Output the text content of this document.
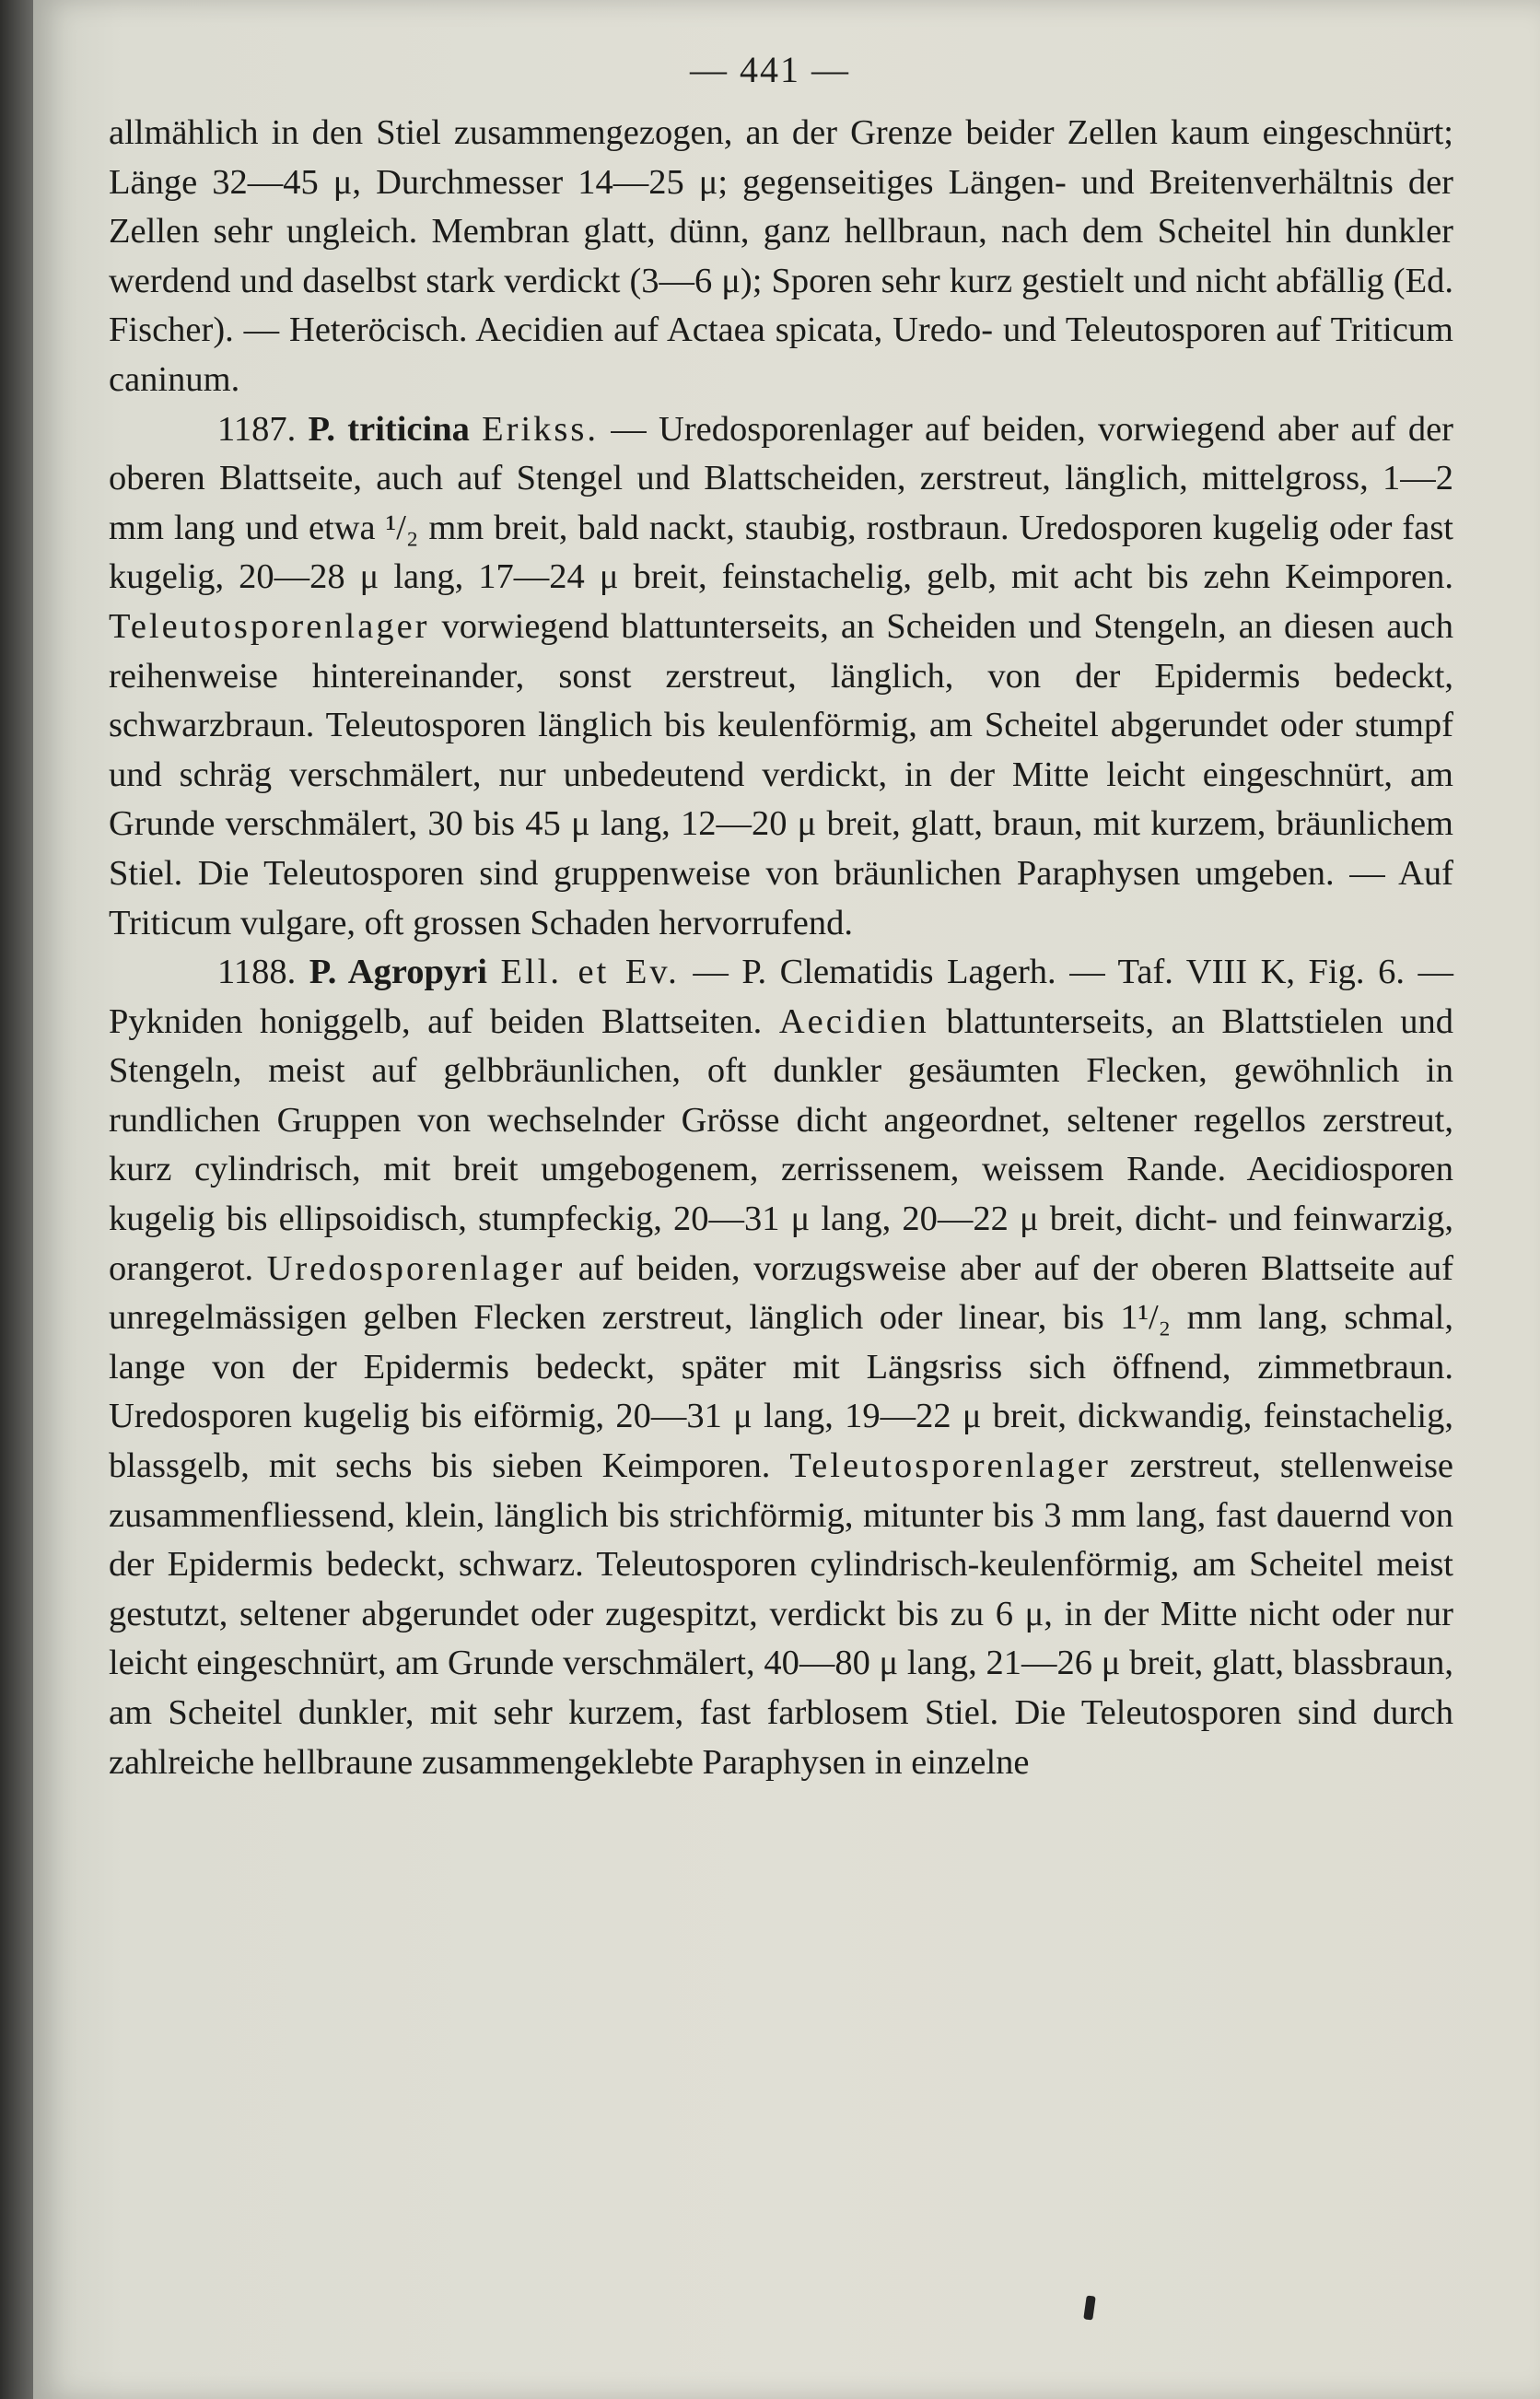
— 441 —

allmählich in den Stiel zusammengezogen, an der Grenze beider Zellen kaum eingeschnürt; Länge 32—45 μ, Durchmesser 14—25 μ; gegenseitiges Längen- und Breitenverhältnis der Zellen sehr ungleich. Membran glatt, dünn, ganz hellbraun, nach dem Scheitel hin dunkler werdend und daselbst stark verdickt (3—6 μ); Sporen sehr kurz gestielt und nicht abfällig (Ed. Fischer). — Heteröcisch. Aecidien auf Actaea spicata, Uredo- und Teleutosporen auf Triticum caninum.

1187. P. triticina Erikss. — Uredosporenlager auf beiden, vorwiegend aber auf der oberen Blattseite, auch auf Stengel und Blattscheiden, zerstreut, länglich, mittelgross, 1—2 mm lang und etwa ¹/₂ mm breit, bald nackt, staubig, rostbraun. Uredosporen kugelig oder fast kugelig, 20—28 μ lang, 17—24 μ breit, feinstachelig, gelb, mit acht bis zehn Keimporen. Teleutosporenlager vorwiegend blattunterseits, an Scheiden und Stengeln, an diesen auch reihenweise hintereinander, sonst zerstreut, länglich, von der Epidermis bedeckt, schwarzbraun. Teleutosporen länglich bis keulenförmig, am Scheitel abgerundet oder stumpf und schräg verschmälert, nur unbedeutend verdickt, in der Mitte leicht eingeschnürt, am Grunde verschmälert, 30 bis 45 μ lang, 12—20 μ breit, glatt, braun, mit kurzem, bräunlichem Stiel. Die Teleutosporen sind gruppenweise von bräunlichen Paraphysen umgeben. — Auf Triticum vulgare, oft grossen Schaden hervorrufend.

1188. P. Agropyri Ell. et Ev. — P. Clematidis Lagerh. — Taf. VIII K, Fig. 6. — Pykniden honiggelb, auf beiden Blattseiten. Aecidien blattunterseits, an Blattstielen und Stengeln, meist auf gelbbräunlichen, oft dunkler gesäumten Flecken, gewöhnlich in rundlichen Gruppen von wechselnder Grösse dicht angeordnet, seltener regellos zerstreut, kurz cylindrisch, mit breit umgebogenem, zerrissenem, weissem Rande. Aecidiosporen kugelig bis ellipsoidisch, stumpfeckig, 20—31 μ lang, 20—22 μ breit, dicht- und feinwarzig, orangerot. Uredosporenlager auf beiden, vorzugsweise aber auf der oberen Blattseite auf unregelmässigen gelben Flecken zerstreut, länglich oder linear, bis 1¹/₂ mm lang, schmal, lange von der Epidermis bedeckt, später mit Längsriss sich öffnend, zimmetbraun. Uredosporen kugelig bis eiförmig, 20—31 μ lang, 19—22 μ breit, dickwandig, feinstachelig, blassgelb, mit sechs bis sieben Keimporen. Teleutosporenlager zerstreut, stellenweise zusammenfliessend, klein, länglich bis strichförmig, mitunter bis 3 mm lang, fast dauernd von der Epidermis bedeckt, schwarz. Teleutosporen cylindrisch-keulenförmig, am Scheitel meist gestutzt, seltener abgerundet oder zugespitzt, verdickt bis zu 6 μ, in der Mitte nicht oder nur leicht eingeschnürt, am Grunde verschmälert, 40—80 μ lang, 21—26 μ breit, glatt, blassbraun, am Scheitel dunkler, mit sehr kurzem, fast farblosem Stiel. Die Teleutosporen sind durch zahlreiche hellbraune zusammengeklebte Paraphysen in einzelne
